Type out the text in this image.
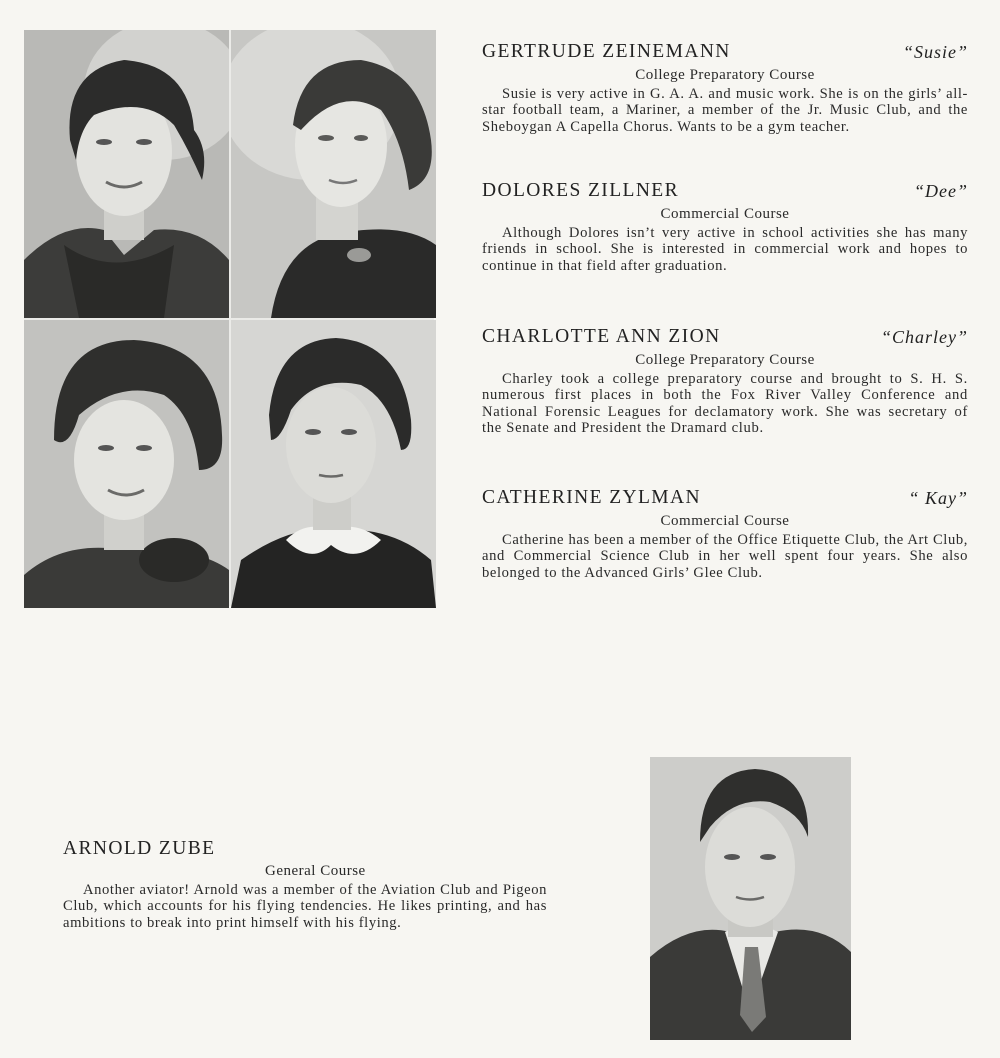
GERTRUDE ZEINEMANN	“Susie”
College Preparatory Course
Susie is very active in G. A. A. and music work. She is on the girls’ all-star football team, a Mariner, a member of the Jr. Music Club, and the Sheboygan A Capella Chorus. Wants to be a gym teacher.
DOLORES ZILLNER	“Dee”
Commercial Course
Although Dolores isn’t very active in school activities she has many friends in school. She is interested in commercial work and hopes to continue in that field after graduation.
CHARLOTTE ANN ZION	“Charley”
College Preparatory Course
Charley took a college preparatory course and brought to S. H. S. numerous first places in both the Fox River Valley Conference and National Forensic Leagues for declamatory work. She was secretary of the Senate and President the Dramard club.
CATHERINE ZYLMAN	“ Kay”
Commercial Course
Catherine has been a member of the Office Etiquette Club, the Art Club, and Commercial Science Club in her well spent four years. She also belonged to the Advanced Girls’ Glee Club.
ARNOLD ZUBE
General Course
Another aviator! Arnold was a member of the Aviation Club and Pigeon Club, which accounts for his flying tendencies. He likes printing, and has ambitions to break into print himself with his flying.
